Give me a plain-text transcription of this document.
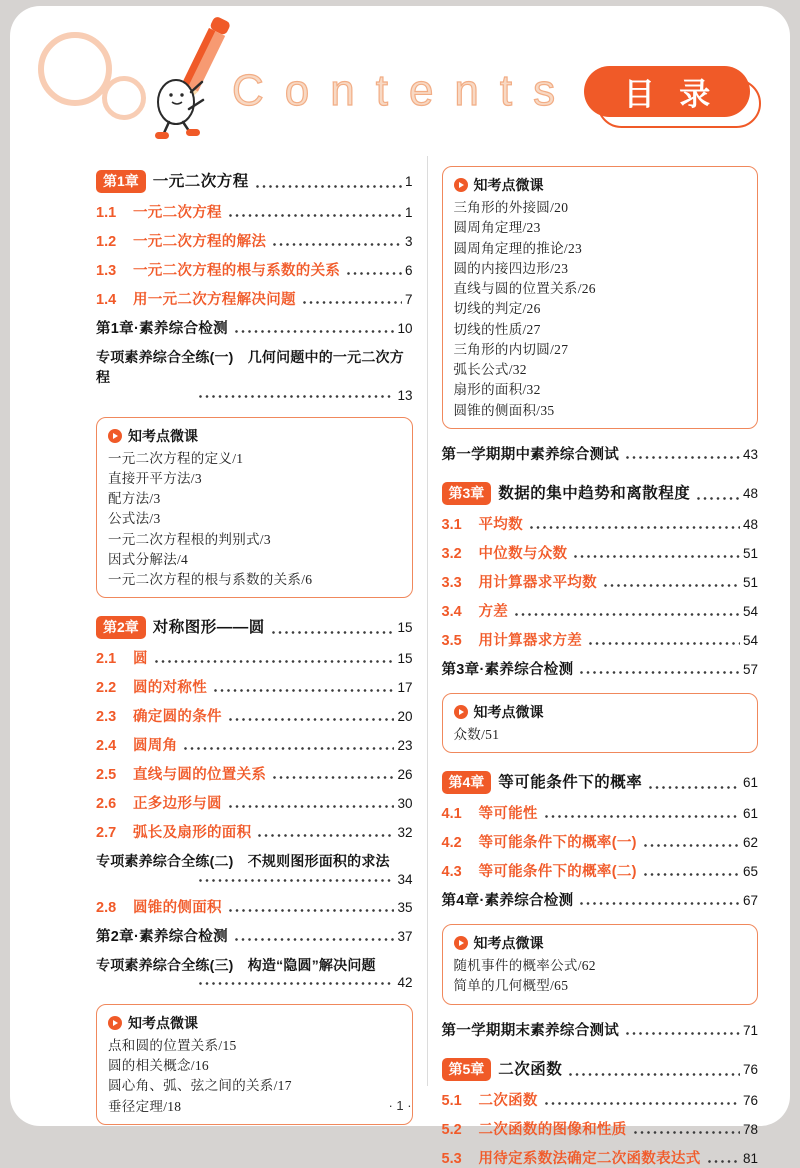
Contents	目 录
第1章 一元二次方程	1
1.1	一元二次方程	1
1.2	一元二次方程的解法	3
1.3	一元二次方程的根与系数的关系	6
1.4	用一元二次方程解决问题	7
第1章·素养综合检测	10
专项素养综合全练(一)　几何问题中的一元二次方程
13
知考点微课
一元二次方程的定义/1
直接开平方法/3
配方法/3
公式法/3
一元二次方程根的判别式/3
因式分解法/4
一元二次方程的根与系数的关系/6
第2章 对称图形——圆	15
2.1	圆	15
2.2	圆的对称性	17
2.3	确定圆的条件	20
2.4	圆周角	23
2.5	直线与圆的位置关系	26
2.6	正多边形与圆	30
2.7	弧长及扇形的面积	32
专项素养综合全练(二)　不规则图形面积的求法
34
2.8	圆锥的侧面积	35
第2章·素养综合检测	37
专项素养综合全练(三)　构造“隐圆”解决问题
42
知考点微课
点和圆的位置关系/15
圆的相关概念/16
圆心角、弧、弦之间的关系/17
垂径定理/18
知考点微课
三角形的外接圆/20
圆周角定理/23
圆周角定理的推论/23
圆的内接四边形/23
直线与圆的位置关系/26
切线的判定/26
切线的性质/27
三角形的内切圆/27
弧长公式/32
扇形的面积/32
圆锥的侧面积/35
第一学期期中素养综合测试	43
第3章 数据的集中趋势和离散程度	48
3.1	平均数	48
3.2	中位数与众数	51
3.3	用计算器求平均数	51
3.4	方差	54
3.5	用计算器求方差	54
第3章·素养综合检测	57
知考点微课
众数/51
第4章 等可能条件下的概率	61
4.1	等可能性	61
4.2	等可能条件下的概率(一)	62
4.3	等可能条件下的概率(二)	65
第4章·素养综合检测	67
知考点微课
随机事件的概率公式/62
简单的几何概型/65
第一学期期末素养综合测试	71
第5章 二次函数	76
5.1	二次函数	76
5.2	二次函数的图像和性质	78
5.3	用待定系数法确定二次函数表达式	81
· 1 ·
